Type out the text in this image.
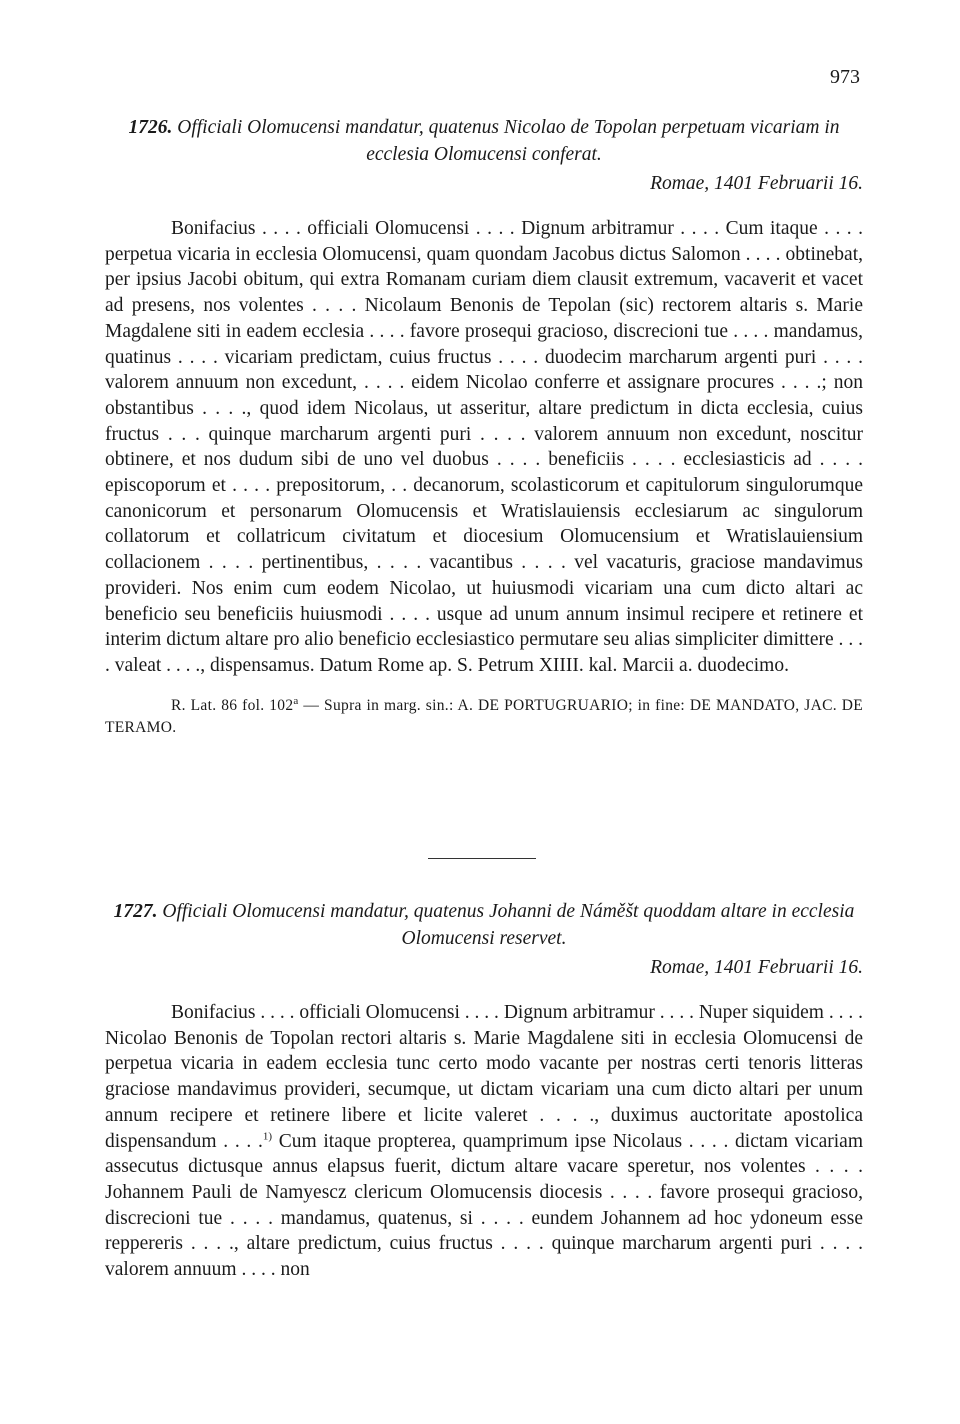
973

1726. Officiali Olomucensi mandatur, quatenus Nicolao de Topolan perpetuam vicariam in ecclesia Olomucensi conferat.

Romae, 1401 Februarii 16.

Bonifacius . . . . officiali Olomucensi . . . . Dignum arbitramur . . . . Cum itaque . . . . perpetua vicaria in ecclesia Olomucensi, quam quondam Jacobus dictus Salomon . . . . obtinebat, per ipsius Jacobi obitum, qui extra Romanam curiam diem clausit extremum, vacaverit et vacet ad presens, nos volentes . . . . Nicolaum Benonis de Tepolan (sic) rectorem altaris s. Marie Magdalene siti in eadem ecclesia . . . . favore prosequi gracioso, discrecioni tue . . . . mandamus, quatinus . . . . vicariam predictam, cuius fructus . . . . duodecim marcharum argenti puri . . . . valorem annuum non excedunt, . . . . eidem Nicolao conferre et assignare procures . . . .; non obstantibus . . . ., quod idem Nicolaus, ut asseritur, altare predictum in dicta ecclesia, cuius fructus . . . quinque marcharum argenti puri . . . . valorem annuum non excedunt, noscitur obtinere, et nos dudum sibi de uno vel duobus . . . . beneficiis . . . . ecclesiasticis ad . . . . episcoporum et . . . . prepositorum, . . decanorum, scolasticorum et capitulorum singulorumque canonicorum et personarum Olomucensis et Wratislauiensis ecclesiarum ac singulorum collatorum et collatricum civitatum et diocesium Olomucensium et Wratislauiensium collacionem . . . . pertinentibus, . . . . vacantibus . . . . vel vacaturis, graciose mandavimus provideri. Nos enim cum eodem Nicolao, ut huiusmodi vicariam una cum dicto altari ac beneficio seu beneficiis huiusmodi . . . . usque ad unum annum insimul recipere et retinere et interim dictum altare pro alio beneficio ecclesiastico permutare seu alias simpliciter dimittere . . . . valeat . . . ., dispensamus. Datum Rome ap. S. Petrum XIIII. kal. Marcii a. duodecimo.

R. Lat. 86 fol. 102$^a$ — Supra in marg. sin.: A. DE PORTUGRUARIO; in fine: DE MANDATO, JAC. DE TERAMO.

1727. Officiali Olomucensi mandatur, quatenus Johanni de Náměšt quoddam altare in ecclesia Olomucensi reservet.

Romae, 1401 Februarii 16.

Bonifacius . . . . officiali Olomucensi . . . . Dignum arbitramur . . . . Nuper siquidem . . . . Nicolao Benonis de Topolan rectori altaris s. Marie Magdalene siti in ecclesia Olomucensi de perpetua vicaria in eadem ecclesia tunc certo modo vacante per nostras certi tenoris litteras graciose mandavimus provideri, secumque, ut dictam vicariam una cum dicto altari per unum annum recipere et retinere libere et licite valeret . . . ., duximus auctoritate apostolica dispensandum . . . .$^{1)}$ Cum itaque propterea, quamprimum ipse Nicolaus . . . . dictam vicariam assecutus dictusque annus elapsus fuerit, dictum altare vacare speretur, nos volentes . . . . Johannem Pauli de Namyescz clericum Olomucensis diocesis . . . . favore prosequi gracioso, discrecioni tue . . . . mandamus, quatenus, si . . . . eundem Johannem ad hoc ydoneum esse reppereris . . . ., altare predictum, cuius fructus . . . . quinque marcharum argenti puri . . . . valorem annuum . . . . non
